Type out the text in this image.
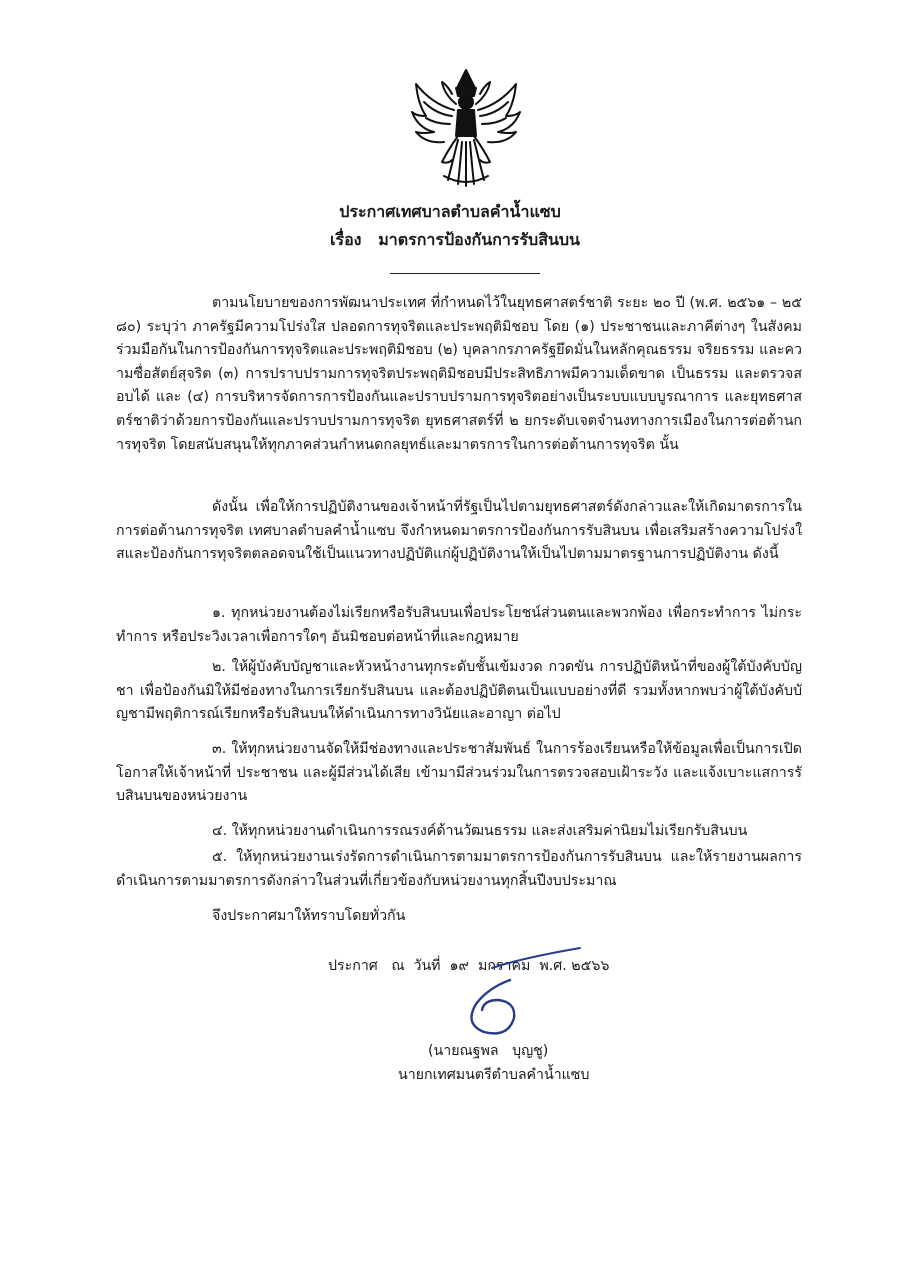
ประกาศเทศบาลตำบลคำน้ำแซบ
เรื่อง   มาตรการป้องกันการรับสินบน
ตามนโยบายของการพัฒนาประเทศ ที่กำหนดไว้ในยุทธศาสตร์ชาติ ระยะ ๒๐ ปี (พ.ศ. ๒๕๖๑ – ๒๕๘๐) ระบุว่า ภาครัฐมีความโปร่งใส ปลอดการทุจริตและประพฤติมิชอบ โดย (๑) ประชาชนและภาคีต่างๆ ในสังคมร่วมมือกันในการป้องกันการทุจริตและประพฤติมิชอบ (๒) บุคลากรภาครัฐยึดมั่นในหลักคุณธรรม จริยธรรม และความซื่อสัตย์สุจริต (๓) การปราบปรามการทุจริตประพฤติมิชอบมีประสิทธิภาพมีความเด็ดขาด เป็นธรรม และตรวจสอบได้ และ (๔) การบริหารจัดการการป้องกันและปราบปรามการทุจริตอย่างเป็นระบบแบบบูรณาการ และยุทธศาสตร์ชาติว่าด้วยการป้องกันและปราบปรามการทุจริต ยุทธศาสตร์ที่ ๒ ยกระดับเจตจำนงทางการเมืองในการต่อต้านการทุจริต โดยสนับสนุนให้ทุกภาคส่วนกำหนดกลยุทธ์และมาตรการในการต่อต้านการทุจริต นั้น
ดังนั้น เพื่อให้การปฏิบัติงานของเจ้าหน้าที่รัฐเป็นไปตามยุทธศาสตร์ดังกล่าวและให้เกิดมาตรการในการต่อต้านการทุจริต เทศบาลตำบลคำน้ำแซบ จึงกำหนดมาตรการป้องกันการรับสินบน เพื่อเสริมสร้างความโปร่งใสและป้องกันการทุจริตตลอดจนใช้เป็นแนวทางปฏิบัติแก่ผู้ปฏิบัติงานให้เป็นไปตามมาตรฐานการปฏิบัติงาน ดังนี้
๑. ทุกหน่วยงานต้องไม่เรียกหรือรับสินบนเพื่อประโยชน์ส่วนตนและพวกพ้อง เพื่อกระทำการ ไม่กระทำการ หรือประวิงเวลาเพื่อการใดๆ อันมิชอบต่อหน้าที่และกฎหมาย
๒. ให้ผู้บังคับบัญชาและหัวหน้างานทุกระดับชั้นเข้มงวด กวดขัน การปฏิบัติหน้าที่ของผู้ใต้บังคับบัญชา เพื่อป้องกันมิให้มีช่องทางในการเรียกรับสินบน และต้องปฏิบัติตนเป็นแบบอย่างที่ดี รวมทั้งหากพบว่าผู้ใต้บังคับบัญชามีพฤติการณ์เรียกหรือรับสินบนให้ดำเนินการทางวินัยและอาญา ต่อไป
๓. ให้ทุกหน่วยงานจัดให้มีช่องทางและประชาสัมพันธ์ ในการร้องเรียนหรือให้ข้อมูลเพื่อเป็นการเปิดโอกาสให้เจ้าหน้าที่ ประชาชน และผู้มีส่วนได้เสีย เข้ามามีส่วนร่วมในการตรวจสอบเฝ้าระวัง และแจ้งเบาะแสการรับสินบนของหน่วยงาน
๔. ให้ทุกหน่วยงานดำเนินการรณรงค์ด้านวัฒนธรรม และส่งเสริมค่านิยมไม่เรียกรับสินบน
๕. ให้ทุกหน่วยงานเร่งรัดการดำเนินการตามมาตรการป้องกันการรับสินบน และให้รายงานผลการดำเนินการตามมาตรการดังกล่าวในส่วนที่เกี่ยวข้องกับหน่วยงานทุกสิ้นปีงบประมาณ
จึงประกาศมาให้ทราบโดยทั่วกัน
ประกาศ   ณ  วันที่  ๑๙  มกราคม  พ.ศ. ๒๕๖๖
(นายณฐพล   บุญชู)
นายกเทศมนตรีตำบลคำน้ำแซบ
